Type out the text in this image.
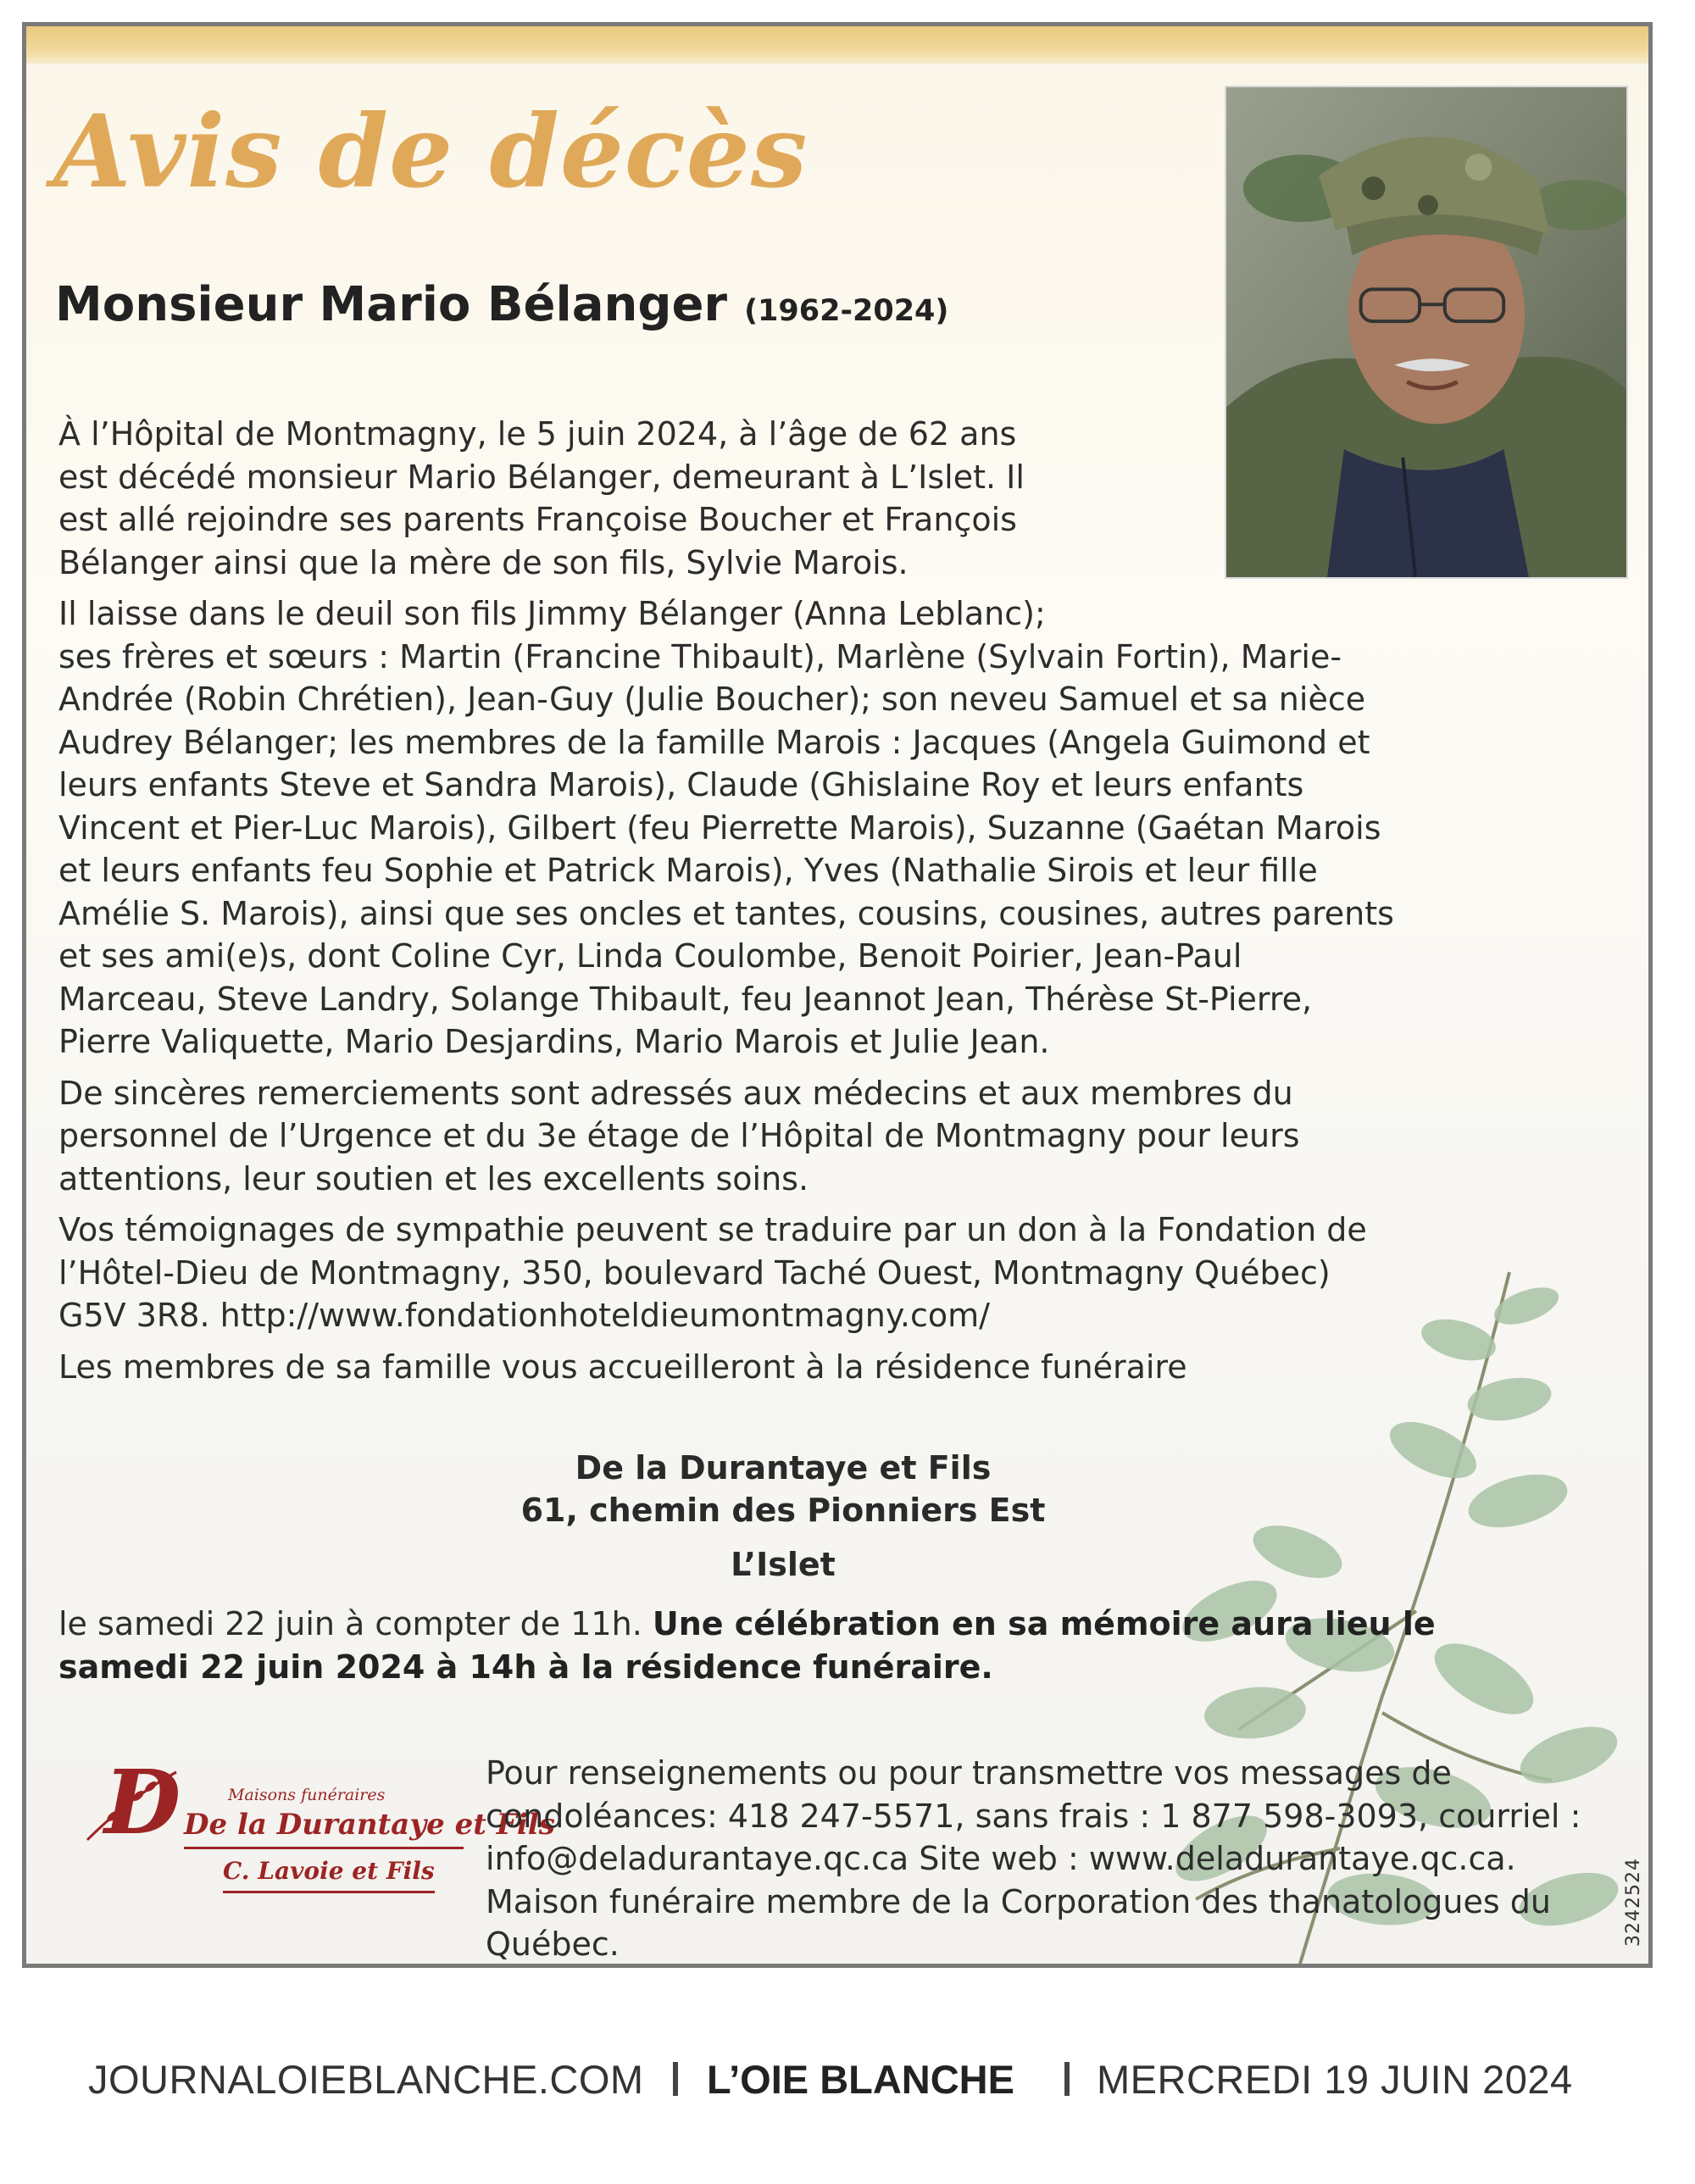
Avis de décès

Monsieur Mario Bélanger (1962-2024)

À l’Hôpital de Montmagny, le 5 juin 2024, à l’âge de 62 ans
est décédé monsieur Mario Bélanger, demeurant à L’Islet. Il
est allé rejoindre ses parents Françoise Boucher et François
Bélanger ainsi que la mère de son fils, Sylvie Marois.

Il laisse dans le deuil son fils Jimmy Bélanger (Anna Leblanc);
ses frères et sœurs : Martin (Francine Thibault), Marlène (Sylvain Fortin), Marie-
Andrée (Robin Chrétien), Jean-Guy (Julie Boucher); son neveu Samuel et sa nièce
Audrey Bélanger; les membres de la famille Marois : Jacques (Angela Guimond et
leurs enfants Steve et Sandra Marois), Claude (Ghislaine Roy et leurs enfants
Vincent et Pier-Luc Marois), Gilbert (feu Pierrette Marois), Suzanne (Gaétan Marois
et leurs enfants feu Sophie et Patrick Marois), Yves (Nathalie Sirois et leur fille
Amélie S. Marois), ainsi que ses oncles et tantes, cousins, cousines, autres parents
et ses ami(e)s, dont Coline Cyr, Linda Coulombe, Benoit Poirier, Jean-Paul
Marceau, Steve Landry, Solange Thibault, feu Jeannot Jean, Thérèse St-Pierre,
Pierre Valiquette, Mario Desjardins, Mario Marois et Julie Jean.

De sincères remerciements sont adressés aux médecins et aux membres du
personnel de l’Urgence et du 3e étage de l’Hôpital de Montmagny pour leurs
attentions, leur soutien et les excellents soins.

Vos témoignages de sympathie peuvent se traduire par un don à la Fondation de
l’Hôtel-Dieu de Montmagny, 350, boulevard Taché Ouest, Montmagny Québec)
G5V 3R8. http://www.fondationhoteldieumontmagny.com/

Les membres de sa famille vous accueilleront à la résidence funéraire

De la Durantaye et Fils

61, chemin des Pionniers Est

L’Islet

le samedi 22 juin à compter de 11h. Une célébration en sa mémoire aura lieu le
samedi 22 juin 2024 à 14h à la résidence funéraire.

D	Maisons funéraires
De la Durantaye et Fils
C. Lavoie et Fils

Pour renseignements ou pour transmettre vos messages de
condoléances: 418 247-5571, sans frais : 1 877 598-3093, courriel :
info@deladurantaye.qc.ca Site web : www.deladurantaye.qc.ca.
Maison funéraire membre de la Corporation des thanatologues du
Québec.	3242524
JOURNALOIEBLANCHE.COM L’OIE BLANCHE MERCREDI 19 JUIN 2024
